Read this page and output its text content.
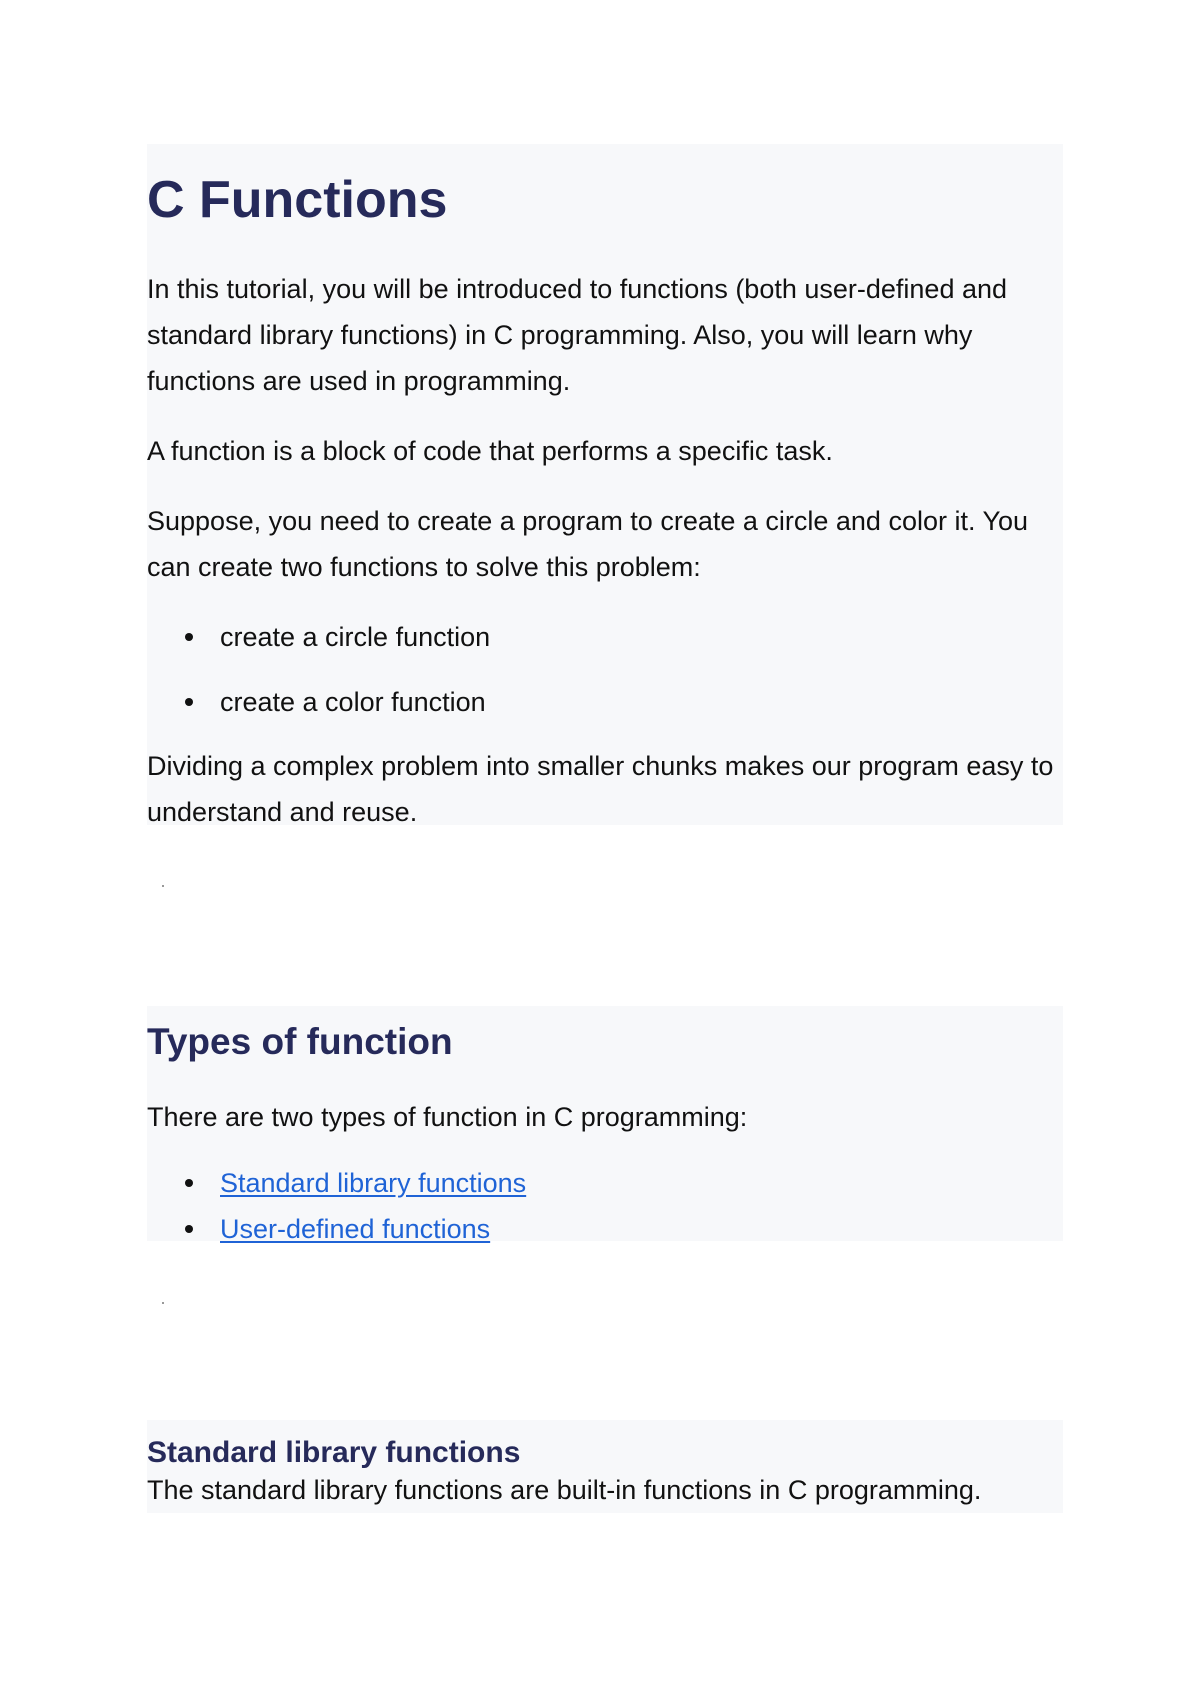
C Functions

In this tutorial, you will be introduced to functions (both user-defined and standard library functions) in C programming. Also, you will learn why functions are used in programming.

A function is a block of code that performs a specific task.

Suppose, you need to create a program to create a circle and color it. You can create two functions to solve this problem:

create a circle function
create a color function

Dividing a complex problem into smaller chunks makes our program easy to understand and reuse.

Types of function

There are two types of function in C programming:

Standard library functions
User-defined functions
Standard library functions

The standard library functions are built-in functions in C programming.
